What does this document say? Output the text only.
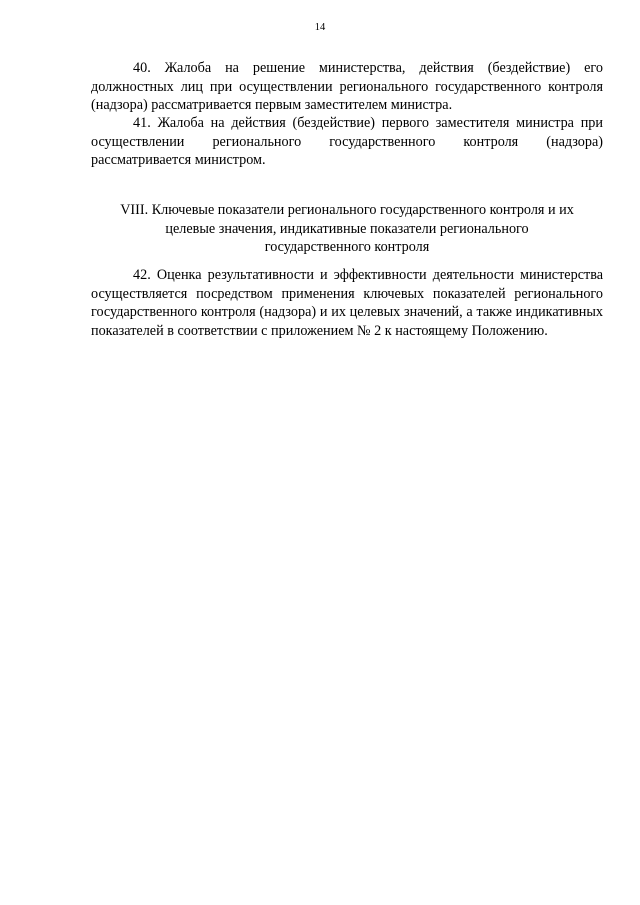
14

40. Жалоба на решение министерства, действия (бездействие) его должностных лиц при осуществлении регионального государственного контроля (надзора) рассматривается первым заместителем министра.

41. Жалоба на действия (бездействие) первого заместителя министра при осуществлении регионального государственного контроля (надзора) рассматривается министром.

VIII. Ключевые показатели регионального государственного контроля и их
целевые значения, индикативные показатели регионального
государственного контроля

42. Оценка результативности и эффективности деятельности министерства осуществляется посредством применения ключевых показателей регионального государственного контроля (надзора) и их целевых значений, а также индикативных показателей в соответствии с приложением № 2 к настоящему Положению.
